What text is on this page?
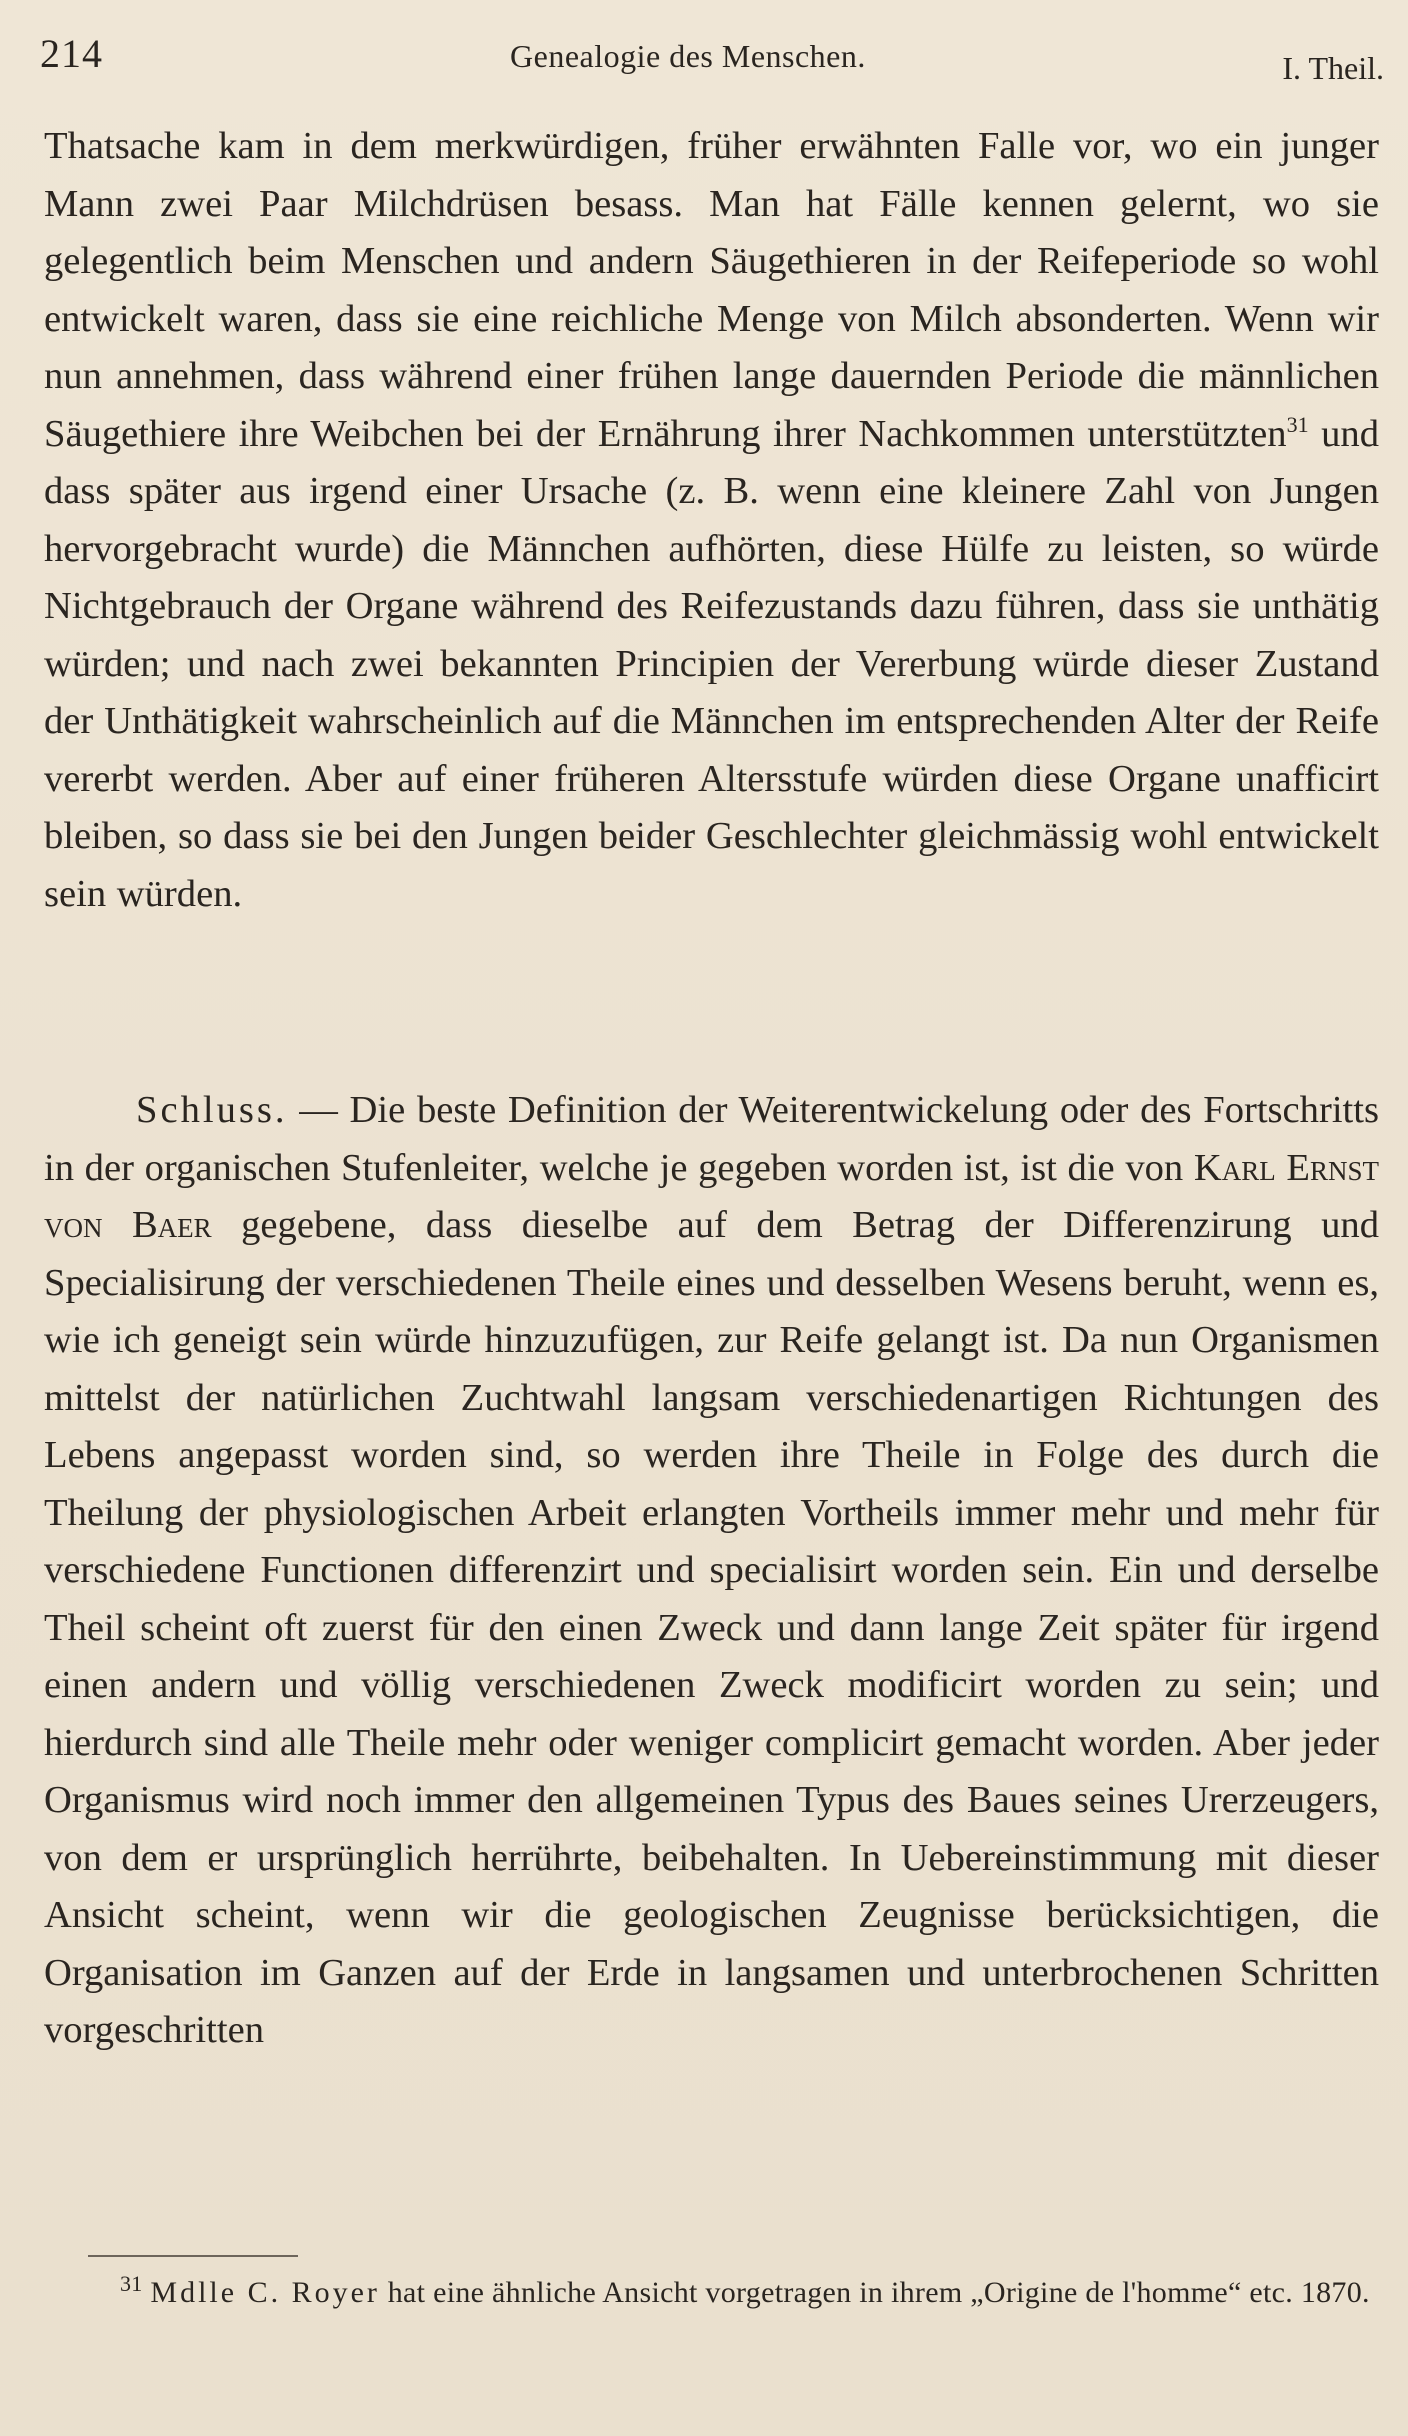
214	Genealogie des Menschen.	I. Theil.
Thatsache kam in dem merkwürdigen, früher erwähnten Falle vor, wo ein junger Mann zwei Paar Milchdrüsen besass. Man hat Fälle kennen gelernt, wo sie gelegentlich beim Menschen und andern Säugethieren in der Reifeperiode so wohl entwickelt waren, dass sie eine reichliche Menge von Milch absonderten. Wenn wir nun annehmen, dass während einer frühen lange dauernden Periode die männlichen Säugethiere ihre Weibchen bei der Ernährung ihrer Nachkommen unterstützten$^{31}$ und dass später aus irgend einer Ursache (z. B. wenn eine kleinere Zahl von Jungen hervorgebracht wurde) die Männchen aufhörten, diese Hülfe zu leisten, so würde Nichtgebrauch der Organe während des Reifezustands dazu führen, dass sie unthätig würden; und nach zwei bekannten Principien der Vererbung würde dieser Zustand der Unthätigkeit wahrscheinlich auf die Männchen im entsprechenden Alter der Reife vererbt werden. Aber auf einer früheren Altersstufe würden diese Organe unafficirt bleiben, so dass sie bei den Jungen beider Geschlechter gleichmässig wohl entwickelt sein würden.
Schluss. — Die beste Definition der Weiterentwickelung oder des Fortschritts in der organischen Stufenleiter, welche je gegeben worden ist, ist die von Karl Ernst von Baer gegebene, dass dieselbe auf dem Betrag der Differenzirung und Specialisirung der verschiedenen Theile eines und desselben Wesens beruht, wenn es, wie ich geneigt sein würde hinzuzufügen, zur Reife gelangt ist. Da nun Organismen mittelst der natürlichen Zuchtwahl langsam verschiedenartigen Richtungen des Lebens angepasst worden sind, so werden ihre Theile in Folge des durch die Theilung der physiologischen Arbeit erlangten Vortheils immer mehr und mehr für verschiedene Functionen differenzirt und specialisirt worden sein. Ein und derselbe Theil scheint oft zuerst für den einen Zweck und dann lange Zeit später für irgend einen andern und völlig verschiedenen Zweck modificirt worden zu sein; und hierdurch sind alle Theile mehr oder weniger complicirt gemacht worden. Aber jeder Organismus wird noch immer den allgemeinen Typus des Baues seines Urerzeugers, von dem er ursprünglich herrührte, beibehalten. In Uebereinstimmung mit dieser Ansicht scheint, wenn wir die geologischen Zeugnisse berücksichtigen, die Organisation im Ganzen auf der Erde in langsamen und unterbrochenen Schritten vorgeschritten
$^{31}$ Mdlle C. Royer hat eine ähnliche Ansicht vorgetragen in ihrem „Origine de l'homme“ etc. 1870.
